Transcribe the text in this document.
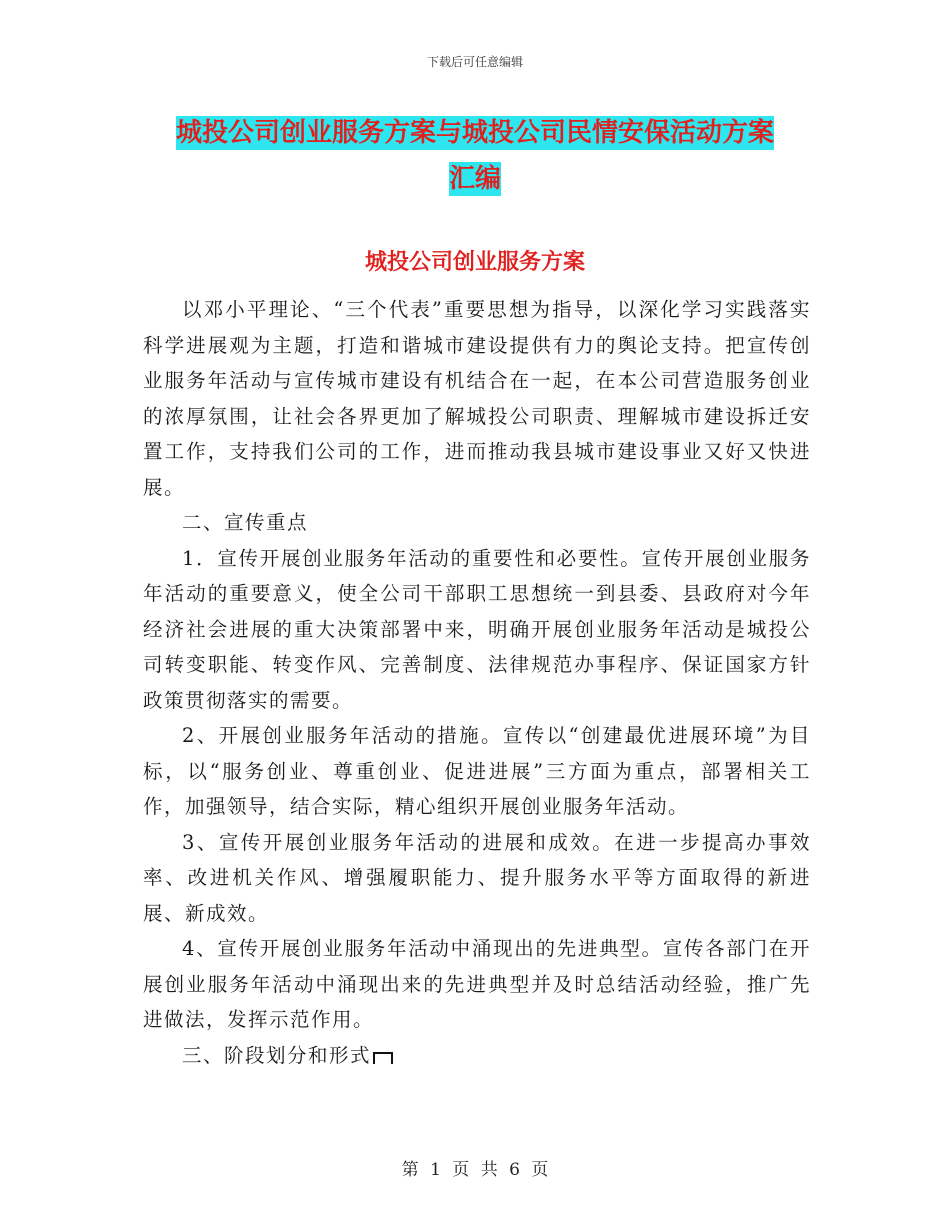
下载后可任意编辑
城投公司创业服务方案与城投公司民情安保活动方案
汇编
城投公司创业服务方案

以邓小平理论、“三个代表”重要思想为指导，以深化学习实践落实科学进展观为主题，打造和谐城市建设提供有力的舆论支持。把宣传创业服务年活动与宣传城市建设有机结合在一起，在本公司营造服务创业的浓厚氛围，让社会各界更加了解城投公司职责、理解城市建设拆迁安置工作，支持我们公司的工作，进而推动我县城市建设事业又好又快进展。

二、宣传重点

1．宣传开展创业服务年活动的重要性和必要性。宣传开展创业服务年活动的重要意义，使全公司干部职工思想统一到县委、县政府对今年经济社会进展的重大决策部署中来，明确开展创业服务年活动是城投公司转变职能、转变作风、完善制度、法律规范办事程序、保证国家方针政策贯彻落实的需要。

2、开展创业服务年活动的措施。宣传以“创建最优进展环境”为目标，以“服务创业、尊重创业、促进进展”三方面为重点，部署相关工作，加强领导，结合实际，精心组织开展创业服务年活动。

3、宣传开展创业服务年活动的进展和成效。在进一步提高办事效率、改进机关作风、增强履职能力、提升服务水平等方面取得的新进展、新成效。

4、宣传开展创业服务年活动中涌现出的先进典型。宣传各部门在开展创业服务年活动中涌现出来的先进典型并及时总结活动经验，推广先进做法，发挥示范作用。

三、阶段划分和形式

第 1 页 共 6 页
